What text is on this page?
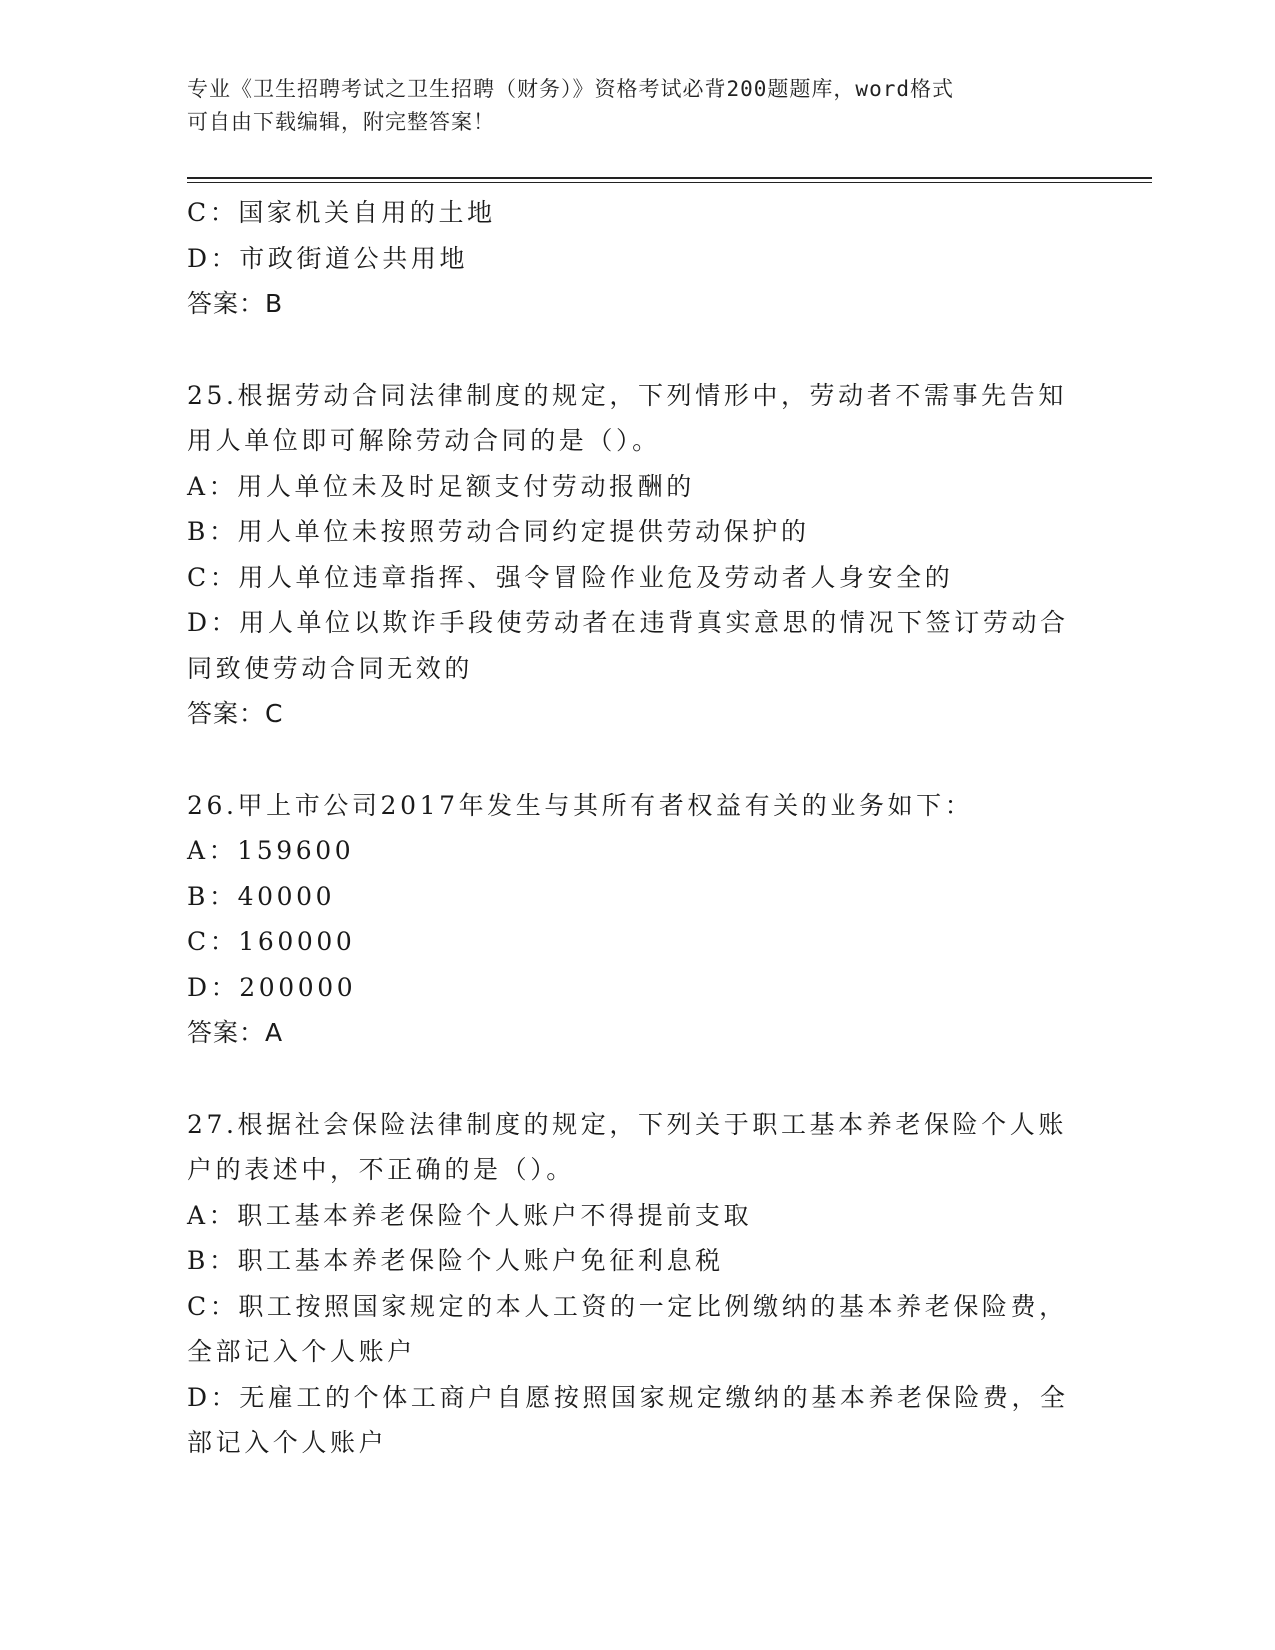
专业《卫生招聘考试之卫生招聘（财务）》资格考试必背200题题库，word格式
可自由下载编辑，附完整答案！
C：国家机关自用的土地
D：市政街道公共用地
答案：B
25.根据劳动合同法律制度的规定，下列情形中，劳动者不需事先告知
用人单位即可解除劳动合同的是（）。
A：用人单位未及时足额支付劳动报酬的
B：用人单位未按照劳动合同约定提供劳动保护的
C：用人单位违章指挥、强令冒险作业危及劳动者人身安全的
D：用人单位以欺诈手段使劳动者在违背真实意思的情况下签订劳动合
同致使劳动合同无效的
答案：C
26.甲上市公司2017年发生与其所有者权益有关的业务如下：
A：159600
B：40000
C：160000
D：200000
答案：A
27.根据社会保险法律制度的规定，下列关于职工基本养老保险个人账
户的表述中，不正确的是（）。
A：职工基本养老保险个人账户不得提前支取
B：职工基本养老保险个人账户免征利息税
C：职工按照国家规定的本人工资的一定比例缴纳的基本养老保险费，
全部记入个人账户
D：无雇工的个体工商户自愿按照国家规定缴纳的基本养老保险费，全
部记入个人账户
